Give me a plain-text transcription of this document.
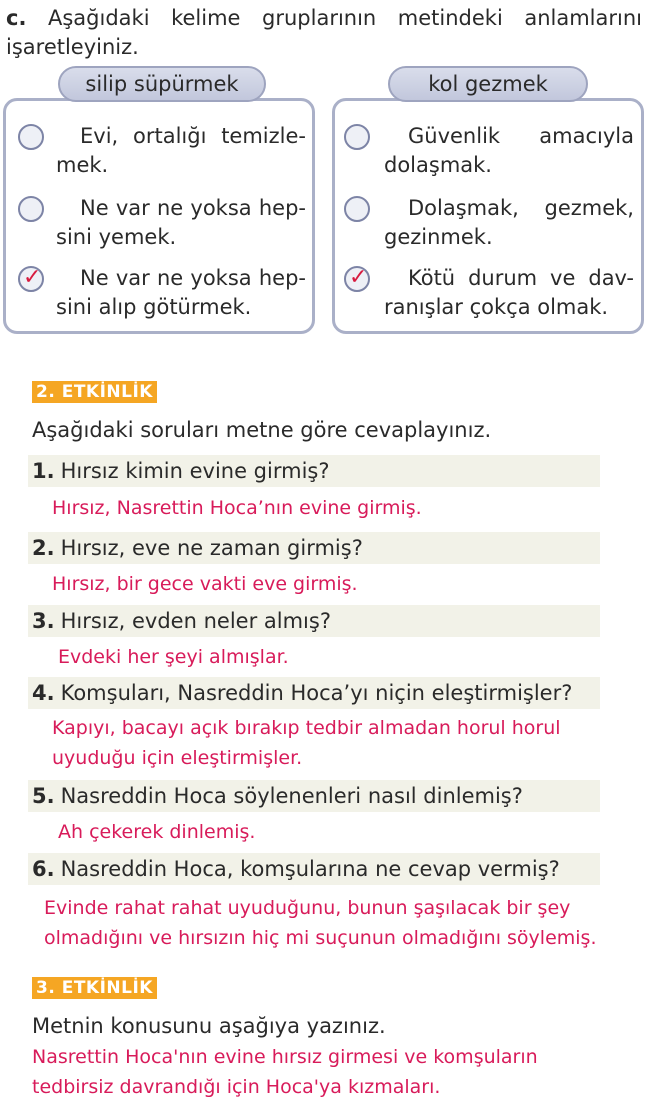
c. Aşağıdaki kelime gruplarının metindeki anlamlarını işaretleyiniz.
silip süpürmek	kol gezmek
Evi, ortalığı temizle-
mek.
Ne var ne yoksa hep-
sini yemek.
✓	Ne var ne yoksa hep-
sini alıp götürmek.
Güvenlik amacıyla
dolaşmak.
Dolaşmak, gezmek,
gezinmek.
✓	Kötü durum ve dav-
ranışlar çokça olmak.
2. ETKİNLİK
Aşağıdaki soruları metne göre cevaplayınız.
1. Hırsız kimin evine girmiş?
Hırsız, Nasrettin Hoca’nın evine girmiş.
2. Hırsız, eve ne zaman girmiş?
Hırsız, bir gece vakti eve girmiş.
3. Hırsız, evden neler almış?
Evdeki her şeyi almışlar.
4. Komşuları, Nasreddin Hoca’yı niçin eleştirmişler?
Kapıyı, bacayı açık bırakıp tedbir almadan horul horul
uyuduğu için eleştirmişler.
5. Nasreddin Hoca söylenenleri nasıl dinlemiş?
Ah çekerek dinlemiş.
6. Nasreddin Hoca, komşularına ne cevap vermiş?
Evinde rahat rahat uyuduğunu, bunun şaşılacak bir şey
olmadığını ve hırsızın hiç mi suçunun olmadığını söylemiş.
3. ETKİNLİK
Metnin konusunu aşağıya yazınız.
Nasrettin Hoca'nın evine hırsız girmesi ve komşuların
tedbirsiz davrandığı için Hoca'ya kızmaları.
